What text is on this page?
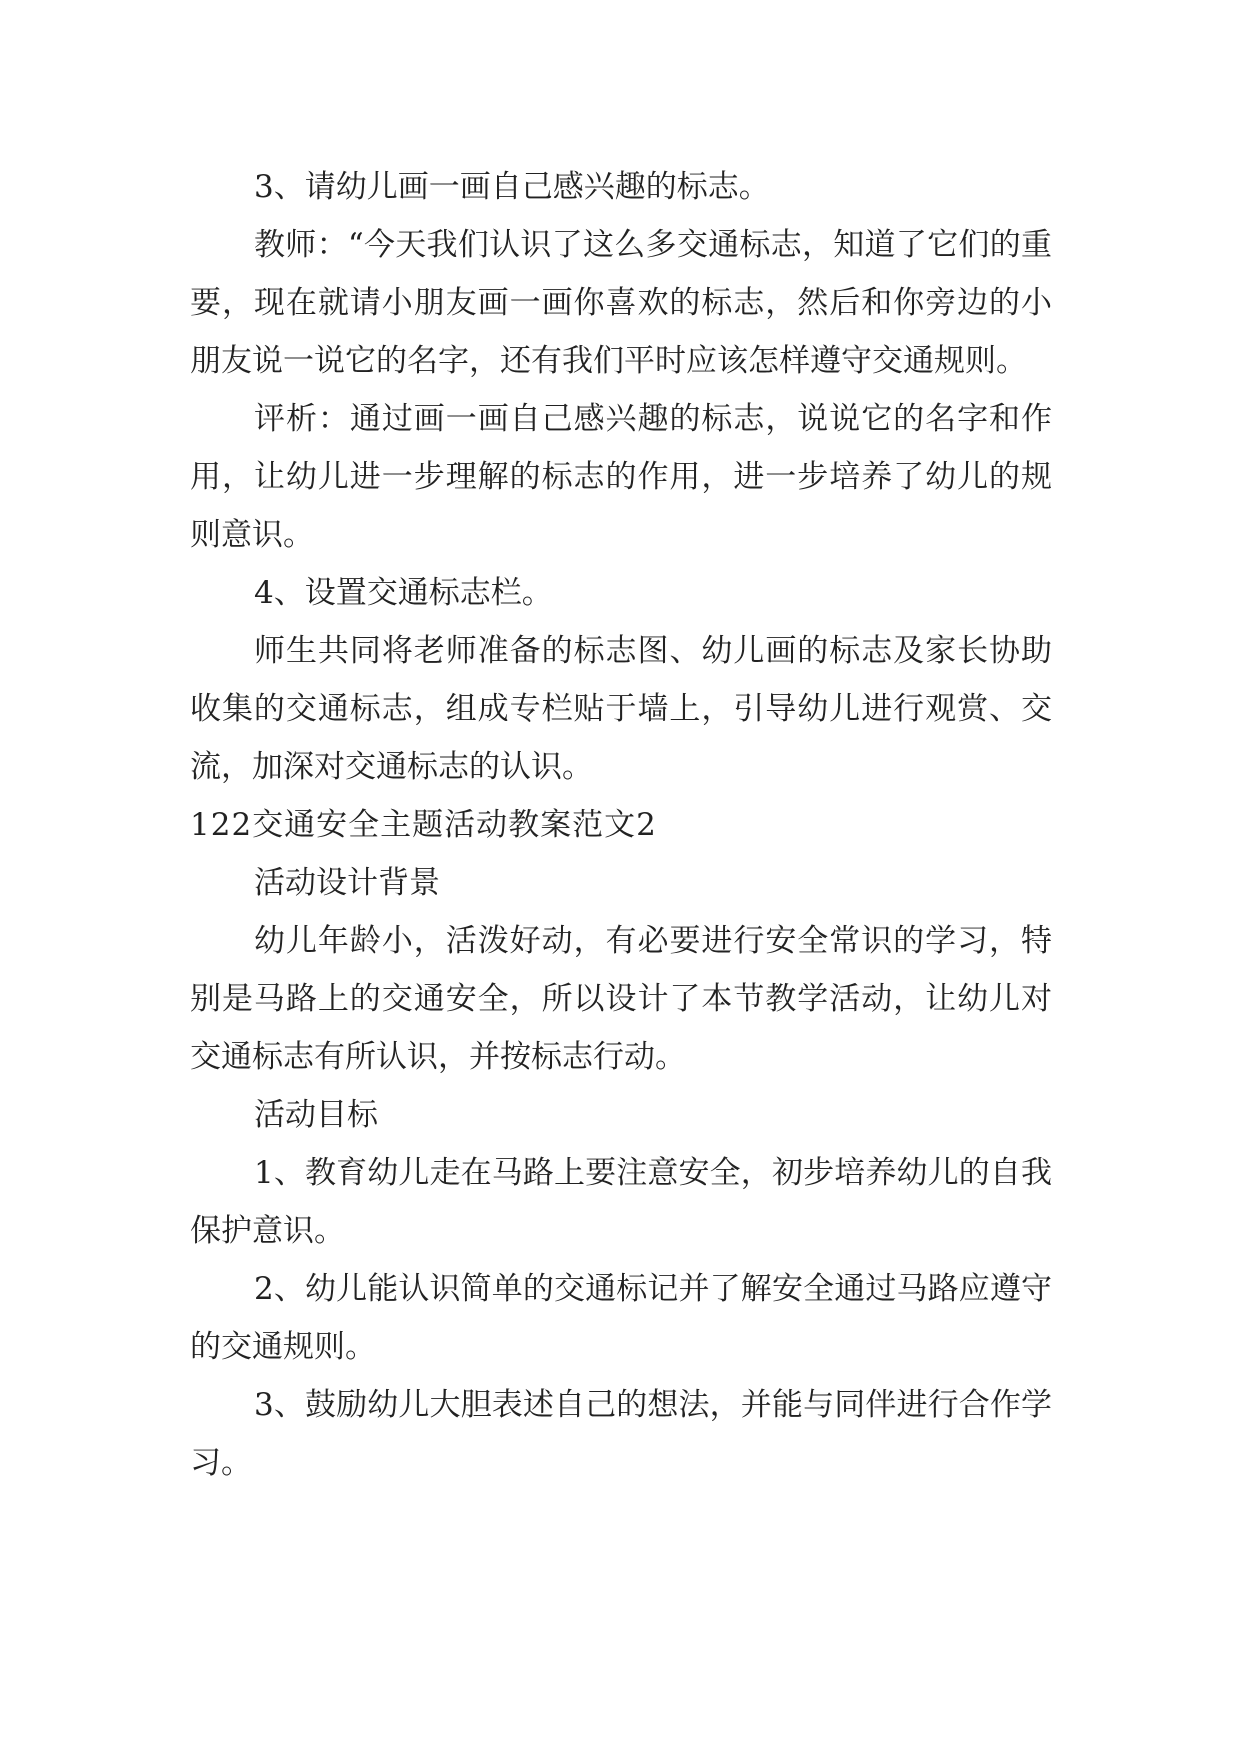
3、请幼儿画一画自己感兴趣的标志。

教师：“今天我们认识了这么多交通标志，知道了它们的重要，现在就请小朋友画一画你喜欢的标志，然后和你旁边的小朋友说一说它的名字，还有我们平时应该怎样遵守交通规则。

评析：通过画一画自己感兴趣的标志，说说它的名字和作用，让幼儿进一步理解的标志的作用，进一步培养了幼儿的规则意识。

4、设置交通标志栏。

师生共同将老师准备的标志图、幼儿画的标志及家长协助收集的交通标志，组成专栏贴于墙上，引导幼儿进行观赏、交流，加深对交通标志的认识。

122交通安全主题活动教案范文2

活动设计背景

幼儿年龄小，活泼好动，有必要进行安全常识的学习，特别是马路上的交通安全，所以设计了本节教学活动，让幼儿对交通标志有所认识，并按标志行动。

活动目标

1、教育幼儿走在马路上要注意安全，初步培养幼儿的自我保护意识。

2、幼儿能认识简单的交通标记并了解安全通过马路应遵守的交通规则。

3、鼓励幼儿大胆表述自己的想法，并能与同伴进行合作学习。
